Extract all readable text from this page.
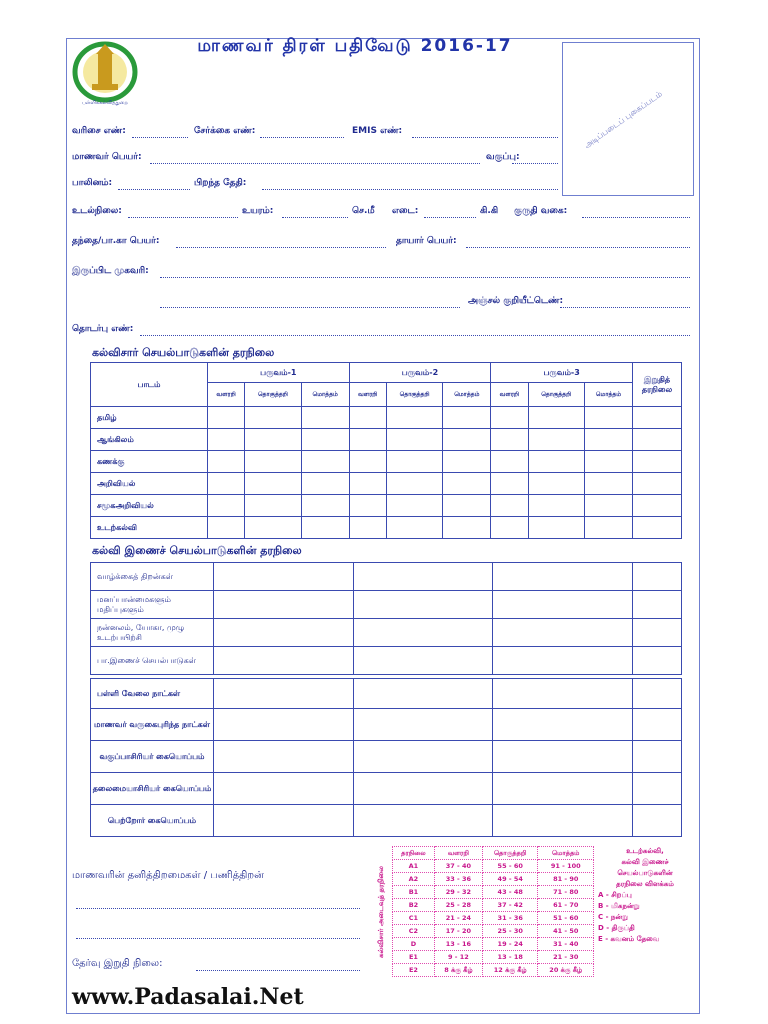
பள்ளிக்கல்வித்துறை
மாணவர் திரள் பதிவேடு 2016-17
அடிப்படைப் புகைப்படம்
வரிசை எண்:	சேர்க்கை எண்:	EMIS எண்:
மாணவர் பெயர்:	வகுப்பு:
பாலினம்:	பிறந்த தேதி:
உடல்நிலை:	உயரம்:	செ.மீ எடை:	கி.கி குருதி வகை:
தந்தை/பா.கா பெயர்:	தாயார் பெயர்:
இருப்பிட முகவரி:
அஞ்சல் குறியீட்டெண்:
தொடர்பு எண்:
கல்விசார் செயல்பாடுகளின் தரநிலை
பாடம்	பருவம்-1			பருவம்-2			பருவம்-3			இறுதித் தரநிலை
	வளரறி	தொகுத்தறி	மொத்தம்	வளரறி	தொகுத்தறி	மொத்தம்	வளரறி	தொகுத்தறி	மொத்தம்	
தமிழ்										
ஆங்கிலம்										
கணக்கு										
அறிவியல்										
சமூகஅறிவியல்										
உடற்கல்வி										
கல்வி இணைச் செயல்பாடுகளின் தரநிலை
வாழ்க்கைத் திறன்கள்				
மனப்பான்மைகளும் மதிப்புகளும்				
நன்னலம், யோகா, முழு உடற்பயிற்சி				
பா.இணைச் செயல்பாடுகள்				
பள்ளி வேலை நாட்கள்				
மாணவர் வருகைபுரிந்த நாட்கள்				
வகுப்பாசிரியர் கையொப்பம்				
தலைமையாசிரியர் கையொப்பம்				
பெற்றோர் கையொப்பம்				
மாணவரின் தனித்திறமைகள் / பணித்திறன்
தேர்வு இறுதி நிலை:
கல்விசார் அடைவுத் தரநிலை
தரநிலை	வளரறி	தொகுத்தறி	மொத்தம்
A1	37 - 40	55 - 60	91 - 100
A2	33 - 36	49 - 54	81 - 90
B1	29 - 32	43 - 48	71 - 80
B2	25 - 28	37 - 42	61 - 70
C1	21 - 24	31 - 36	51 - 60
C2	17 - 20	25 - 30	41 - 50
D	13 - 16	19 - 24	31 - 40
E1	9 - 12	13 - 18	21 - 30
E2	8 க்கு கீழ்	12 க்கு கீழ்	20 க்கு கீழ்
உடற்கல்வி,
கல்வி இணைச்
செயல்பாடுகளின்
தரநிலை விளக்கம்
A - சிறப்பு
B - மிகநன்று
C - நன்று
D - திருப்தி
E - கவனம் தேவை
www.Padasalai.Net
